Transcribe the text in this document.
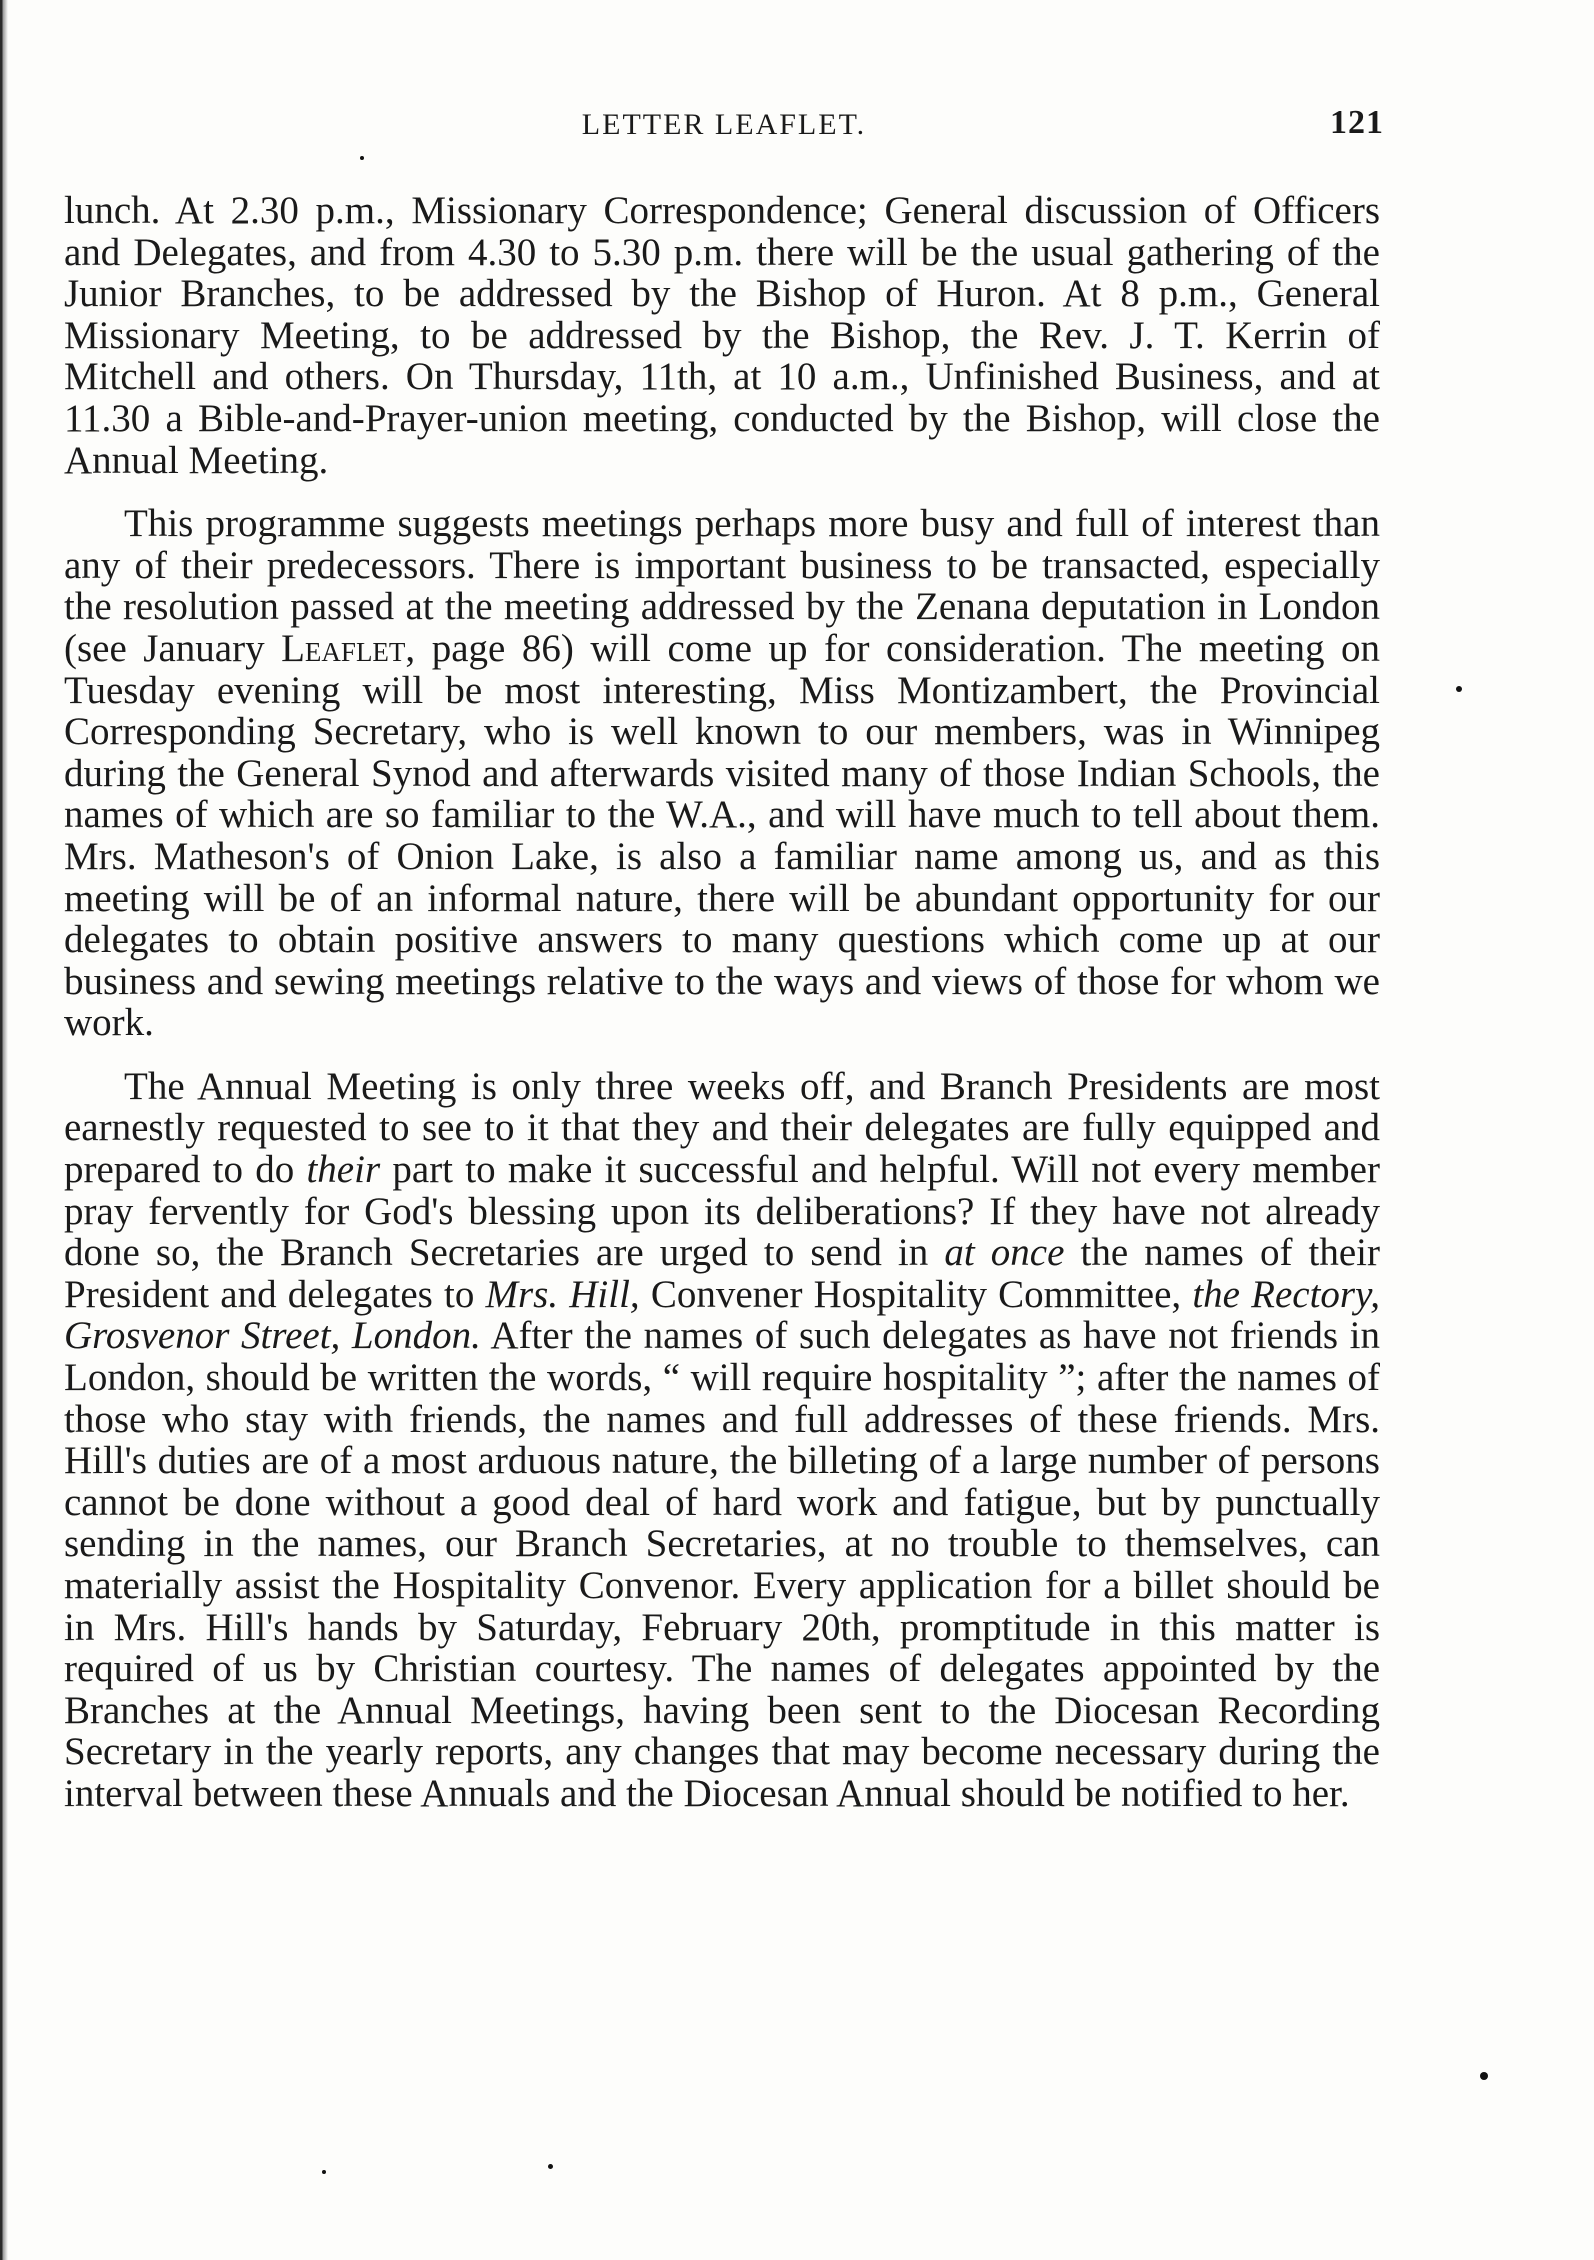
LETTER LEAFLET.	121

lunch. At 2.30 p.m., Missionary Correspondence; General discussion of Officers and Delegates, and from 4.30 to 5.30 p.m. there will be the usual gathering of the Junior Branches, to be addressed by the Bishop of Huron. At 8 p.m., General Missionary Meeting, to be addressed by the Bishop, the Rev. J. T. Kerrin of Mitchell and others. On Thursday, 11th, at 10 a.m., Unfinished Business, and at 11.30 a Bible-and-Prayer-union meeting, conducted by the Bishop, will close the Annual Meeting.

This programme suggests meetings perhaps more busy and full of interest than any of their predecessors. There is important business to be transacted, especially the resolution passed at the meeting addressed by the Zenana deputation in London (see January Leaflet, page 86) will come up for consideration. The meeting on Tuesday evening will be most interesting, Miss Montizambert, the Provincial Corresponding Secretary, who is well known to our members, was in Winnipeg during the General Synod and afterwards visited many of those Indian Schools, the names of which are so familiar to the W.A., and will have much to tell about them. Mrs. Matheson's of Onion Lake, is also a familiar name among us, and as this meeting will be of an informal nature, there will be abundant opportunity for our delegates to obtain positive answers to many questions which come up at our business and sewing meetings relative to the ways and views of those for whom we work.

The Annual Meeting is only three weeks off, and Branch Presidents are most earnestly requested to see to it that they and their delegates are fully equipped and prepared to do their part to make it successful and helpful. Will not every member pray fervently for God's blessing upon its deliberations? If they have not already done so, the Branch Secretaries are urged to send in at once the names of their President and delegates to Mrs. Hill, Convener Hospitality Committee, the Rectory, Grosvenor Street, London. After the names of such delegates as have not friends in London, should be written the words, “ will require hospitality ”; after the names of those who stay with friends, the names and full addresses of these friends. Mrs. Hill's duties are of a most arduous nature, the billeting of a large number of persons cannot be done without a good deal of hard work and fatigue, but by punctually sending in the names, our Branch Secretaries, at no trouble to themselves, can materially assist the Hospitality Convenor. Every application for a billet should be in Mrs. Hill's hands by Saturday, February 20th, promptitude in this matter is required of us by Christian courtesy. The names of delegates appointed by the Branches at the Annual Meetings, having been sent to the Diocesan Recording Secretary in the yearly reports, any changes that may become necessary during the interval between these Annuals and the Diocesan Annual should be notified to her.
